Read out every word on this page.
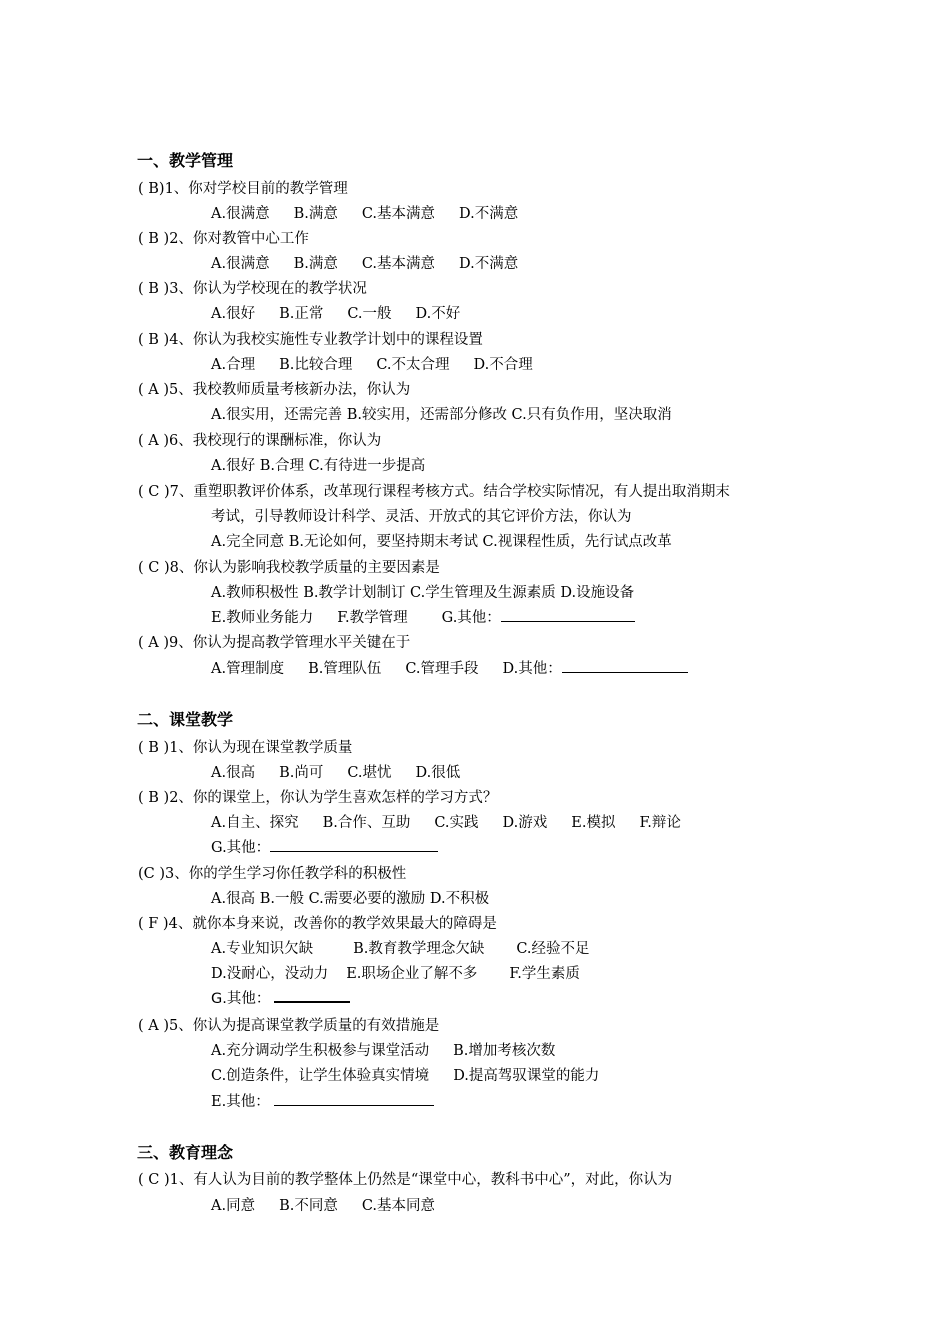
一、教学管理
( B)1、你对学校目前的教学管理
A.很满意 B.满意 C.基本满意 D.不满意
( B )2、你对教管中心工作
A.很满意 B.满意 C.基本满意 D.不满意
( B )3、你认为学校现在的教学状况
A.很好 B.正常 C.一般 D.不好
( B )4、你认为我校实施性专业教学计划中的课程设置
A.合理 B.比较合理 C.不太合理 D.不合理
( A )5、我校教师质量考核新办法，你认为
A.很实用，还需完善 B.较实用，还需部分修改 C.只有负作用，坚决取消
( A )6、我校现行的课酬标准，你认为
A.很好 B.合理 C.有待进一步提高
( C )7、重塑职教评价体系，改革现行课程考核方式。结合学校实际情况，有人提出取消期末
考试，引导教师设计科学、灵活、开放式的其它评价方法，你认为
A.完全同意 B.无论如何，要坚持期末考试 C.视课程性质，先行试点改革
( C )8、你认为影响我校教学质量的主要因素是
A.教师积极性 B.教学计划制订 C.学生管理及生源素质 D.设施设备
E.教师业务能力 F.教学管理 G.其他：
( A )9、你认为提高教学管理水平关键在于
A.管理制度 B.管理队伍 C.管理手段 D.其他：
二、课堂教学
( B )1、你认为现在课堂教学质量
A.很高 B.尚可 C.堪忧 D.很低
( B )2、你的课堂上，你认为学生喜欢怎样的学习方式？
A.自主、探究 B.合作、互助 C.实践 D.游戏 E.模拟 F.辩论
G.其他：
(C )3、你的学生学习你任教学科的积极性
A.很高 B.一般 C.需要必要的激励 D.不积极
( F )4、就你本身来说，改善你的教学效果最大的障碍是
A.专业知识欠缺	B.教育教学理念欠缺 C.经验不足
D.没耐心，没动力 E.职场企业了解不多 F.学生素质
G.其他：
( A )5、你认为提高课堂教学质量的有效措施是
A.充分调动学生积极参与课堂活动 B.增加考核次数
C.创造条件，让学生体验真实情境 D.提高驾驭课堂的能力
E.其他：
三、教育理念
( C )1、有人认为目前的教学整体上仍然是“课堂中心，教科书中心”，对此，你认为
A.同意 B.不同意 C.基本同意
